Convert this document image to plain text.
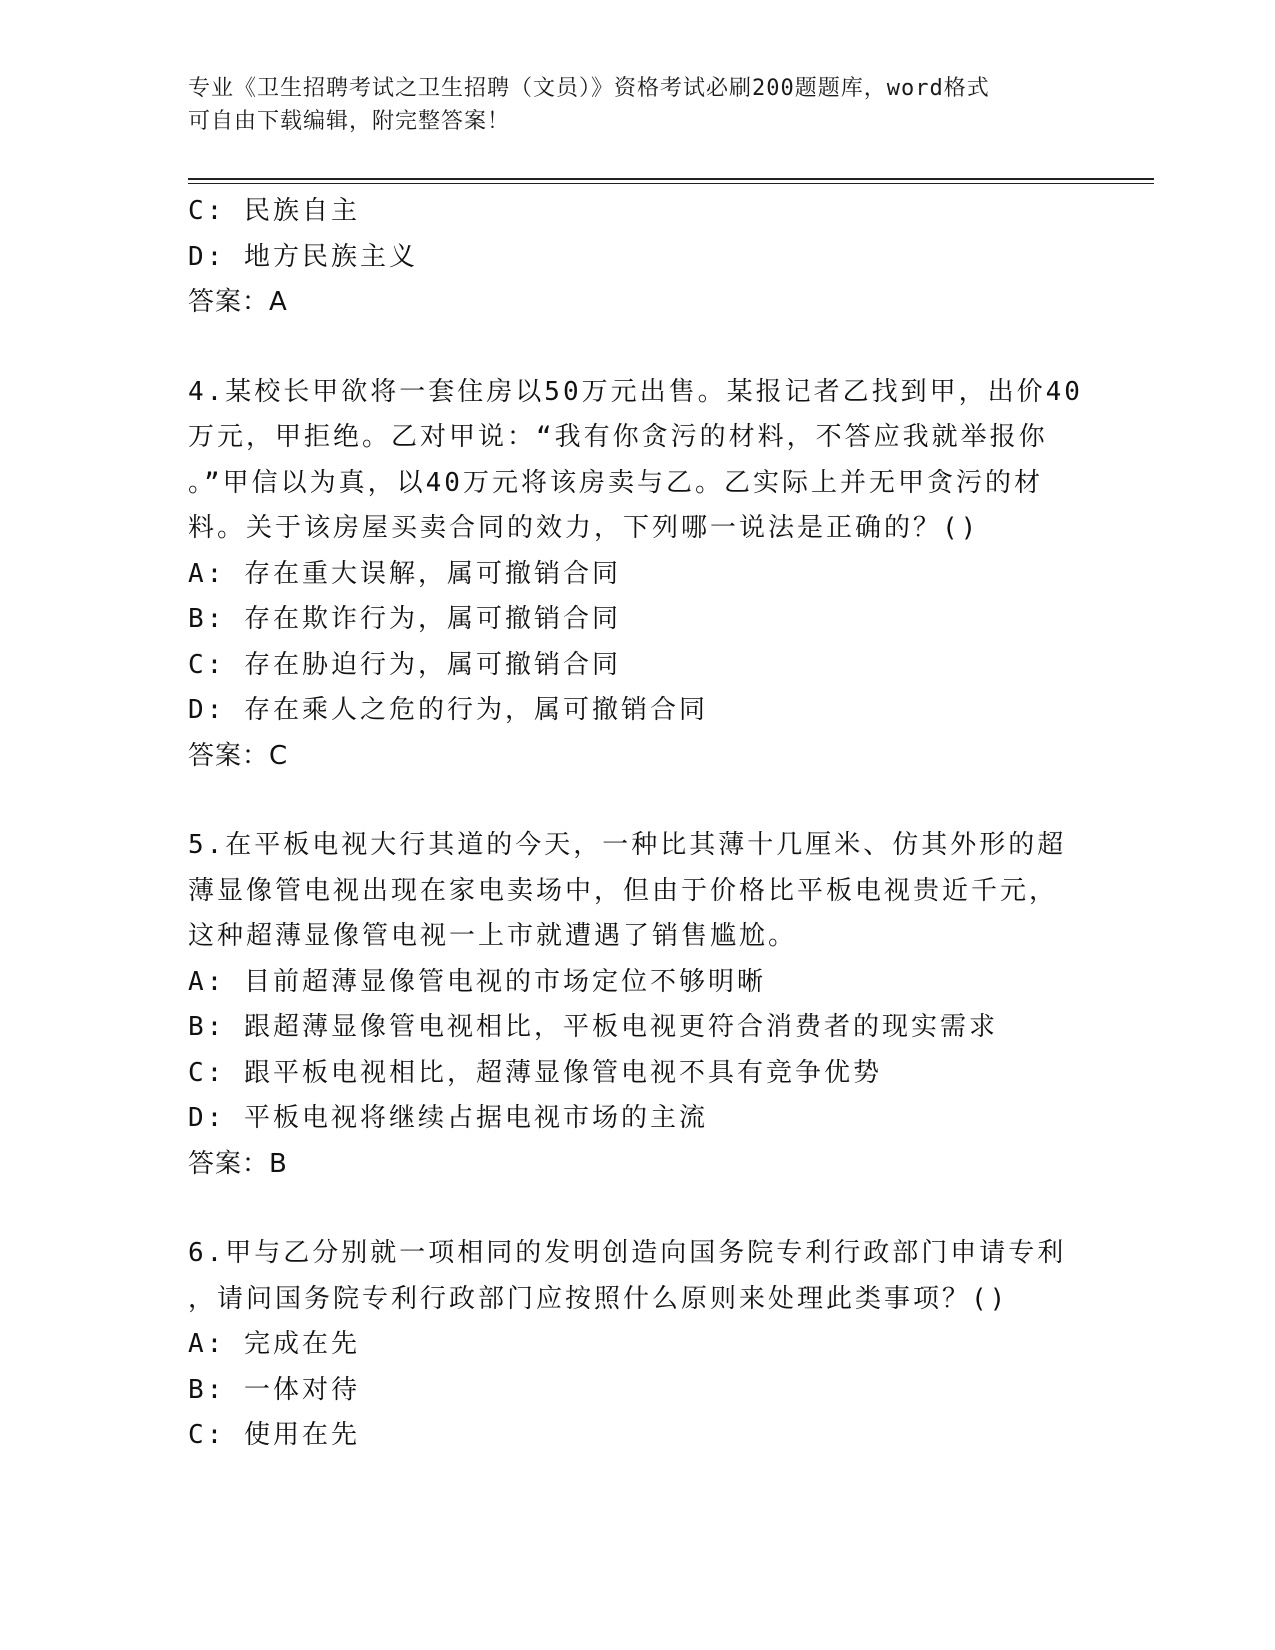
专业《卫生招聘考试之卫生招聘（文员）》资格考试必刷200题题库，word格式
可自由下载编辑，附完整答案！
C: 民族自主
D: 地方民族主义
答案：A
4.某校长甲欲将一套住房以50万元出售。某报记者乙找到甲，出价40
万元，甲拒绝。乙对甲说：“我有你贪污的材料，不答应我就举报你
。”甲信以为真，以40万元将该房卖与乙。乙实际上并无甲贪污的材
料。关于该房屋买卖合同的效力，下列哪一说法是正确的？()
A: 存在重大误解，属可撤销合同
B: 存在欺诈行为，属可撤销合同
C: 存在胁迫行为，属可撤销合同
D: 存在乘人之危的行为，属可撤销合同
答案：C
5.在平板电视大行其道的今天，一种比其薄十几厘米、仿其外形的超
薄显像管电视出现在家电卖场中，但由于价格比平板电视贵近千元，
这种超薄显像管电视一上市就遭遇了销售尴尬。
A: 目前超薄显像管电视的市场定位不够明晰
B: 跟超薄显像管电视相比，平板电视更符合消费者的现实需求
C: 跟平板电视相比，超薄显像管电视不具有竞争优势
D: 平板电视将继续占据电视市场的主流
答案：B
6.甲与乙分别就一项相同的发明创造向国务院专利行政部门申请专利
，请问国务院专利行政部门应按照什么原则来处理此类事项？()
A: 完成在先
B: 一体对待
C: 使用在先
